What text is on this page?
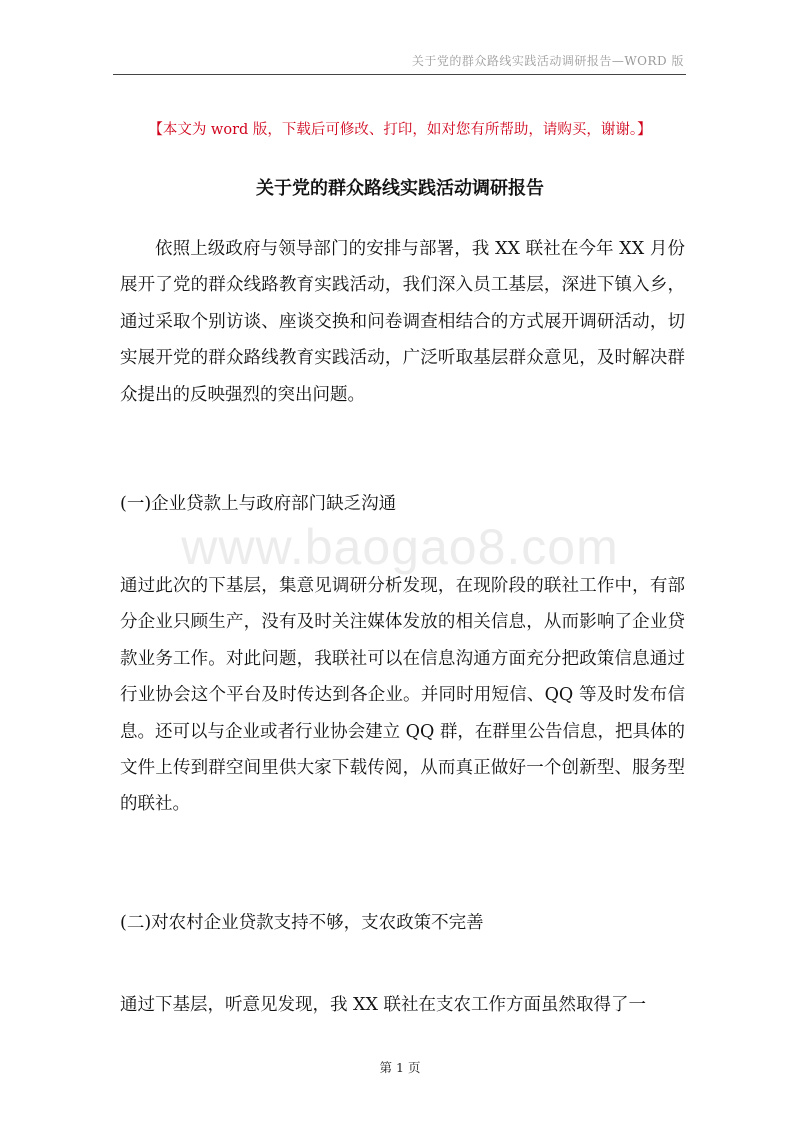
关于党的群众路线实践活动调研报告—WORD 版
【本文为 word 版，下载后可修改、打印，如对您有所帮助，请购买，谢谢。】
关于党的群众路线实践活动调研报告

依照上级政府与领导部门的安排与部署，我 XX 联社在今年 XX 月份展开了党的群众线路教育实践活动，我们深入员工基层，深进下镇入乡，通过采取个别访谈、座谈交换和问卷调查相结合的方式展开调研活动，切实展开党的群众路线教育实践活动，广泛听取基层群众意见，及时解决群众提出的反映强烈的突出问题。

(一)企业贷款上与政府部门缺乏沟通

www.baogao8.com

通过此次的下基层，集意见调研分析发现，在现阶段的联社工作中，有部分企业只顾生产，没有及时关注媒体发放的相关信息，从而影响了企业贷款业务工作。对此问题，我联社可以在信息沟通方面充分把政策信息通过行业协会这个平台及时传达到各企业。并同时用短信、QQ 等及时发布信息。还可以与企业或者行业协会建立 QQ 群，在群里公告信息，把具体的文件上传到群空间里供大家下载传阅，从而真正做好一个创新型、服务型的联社。

(二)对农村企业贷款支持不够，支农政策不完善

通过下基层，听意见发现，我 XX 联社在支农工作方面虽然取得了一

第 1 页
